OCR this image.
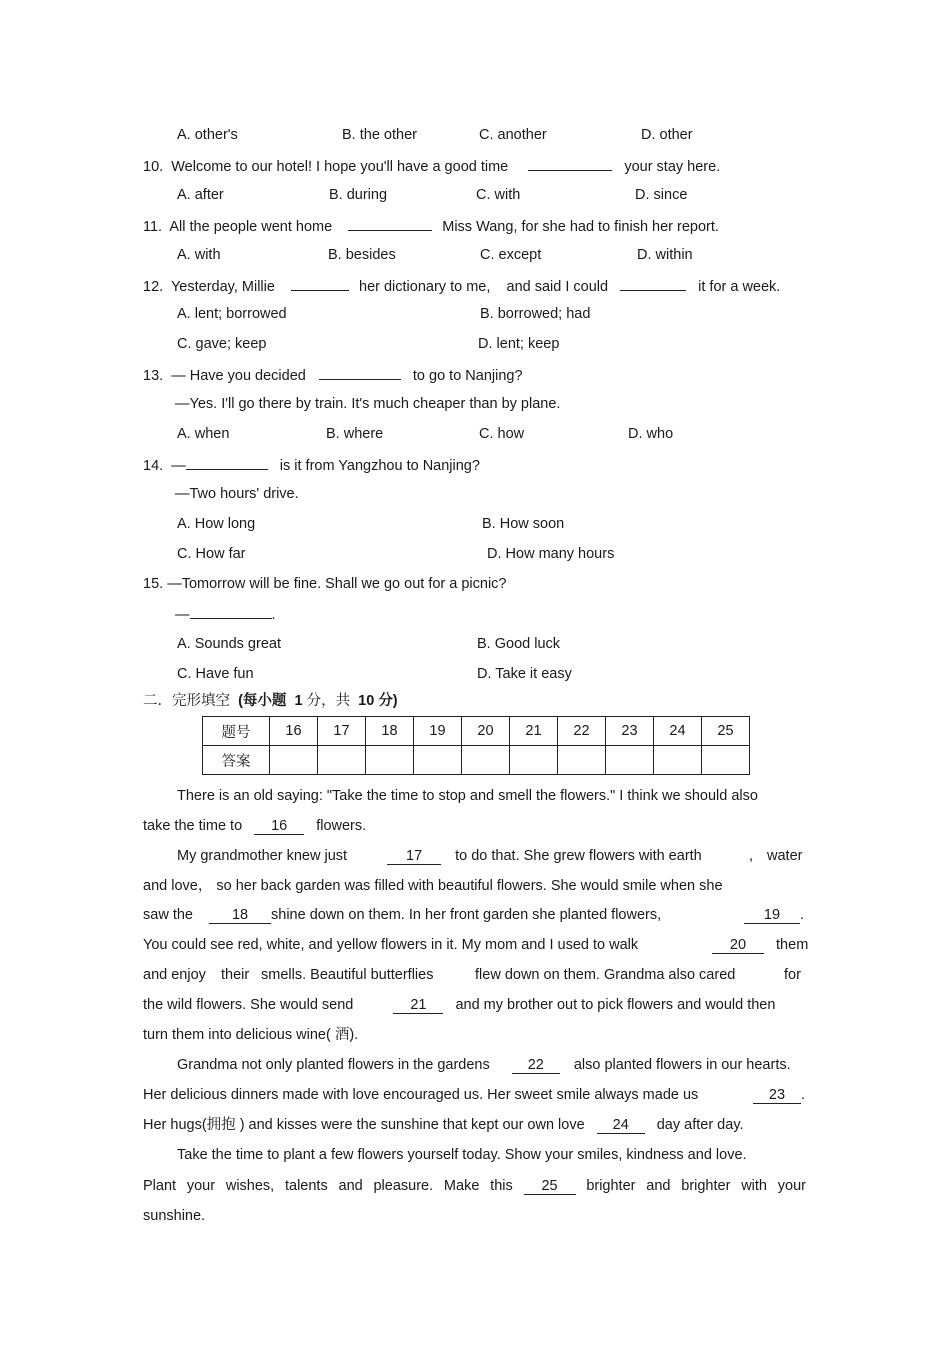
A. other's	B. the other	C. another	D. other
10. Welcome to our hotel! I hope you'll have a good time	your stay here.
A. after	B. during	C. with	D. since
11. All the people went home	Miss Wang, for she had to finish her report.
A. with	B. besides	C. except	D. within
12. Yesterday, Millie	her dictionary to me, and said I could	it for a week.
A. lent; borrowed	B. borrowed; had
C. gave; keep	D. lent; keep
13. — Have you decided	to go to Nanjing?
—Yes. I'll go there by train. It's much cheaper than by plane.
A. when	B. where	C. how	D. who
14. —	is it from Yangzhou to Nanjing?
—Two hours' drive.
A. How long	B. How soon
C. How far	D. How many hours
15. —Tomorrow will be fine. Shall we go out for a picnic?
—	.
A. Sounds great	B. Good luck
C. Have fun	D. Take it easy
二．完形填空 (每小题 1 分，共 10 分)
题号	16	17	18	19	20	21	22	23	24	25
答案										
There is an old saying: "Take the time to stop and smell the flowers." I think we should also
take the time to 16 flowers.
My grandmother knew just	17 to do that. She grew flowers with earth	, water
and love， so her back garden was filled with beautiful flowers. She would smile when she
saw the	18 shine down on them. In her front garden she planted flowers,	19 .
You could see red, white, and yellow flowers in it. My mom and I used to walk	20 them
and enjoy their smells. Beautiful butterflies	flew down on them. Grandma also cared	for
the wild flowers. She would send	21 and my brother out to pick flowers and would then
turn them into delicious wine( 酒).
Grandma not only planted flowers in the gardens	22 also planted flowers in our hearts.
Her delicious dinners made with love encouraged us. Her sweet smile always made us	23 .
Her hugs(拥抱 ) and kisses were the sunshine that kept our own love 24 day after day.
Take the time to plant a few flowers yourself today. Show your smiles, kindness and love.
Plant your wishes, talents and pleasure. Make this	25	brighter and brighter with your
sunshine.
